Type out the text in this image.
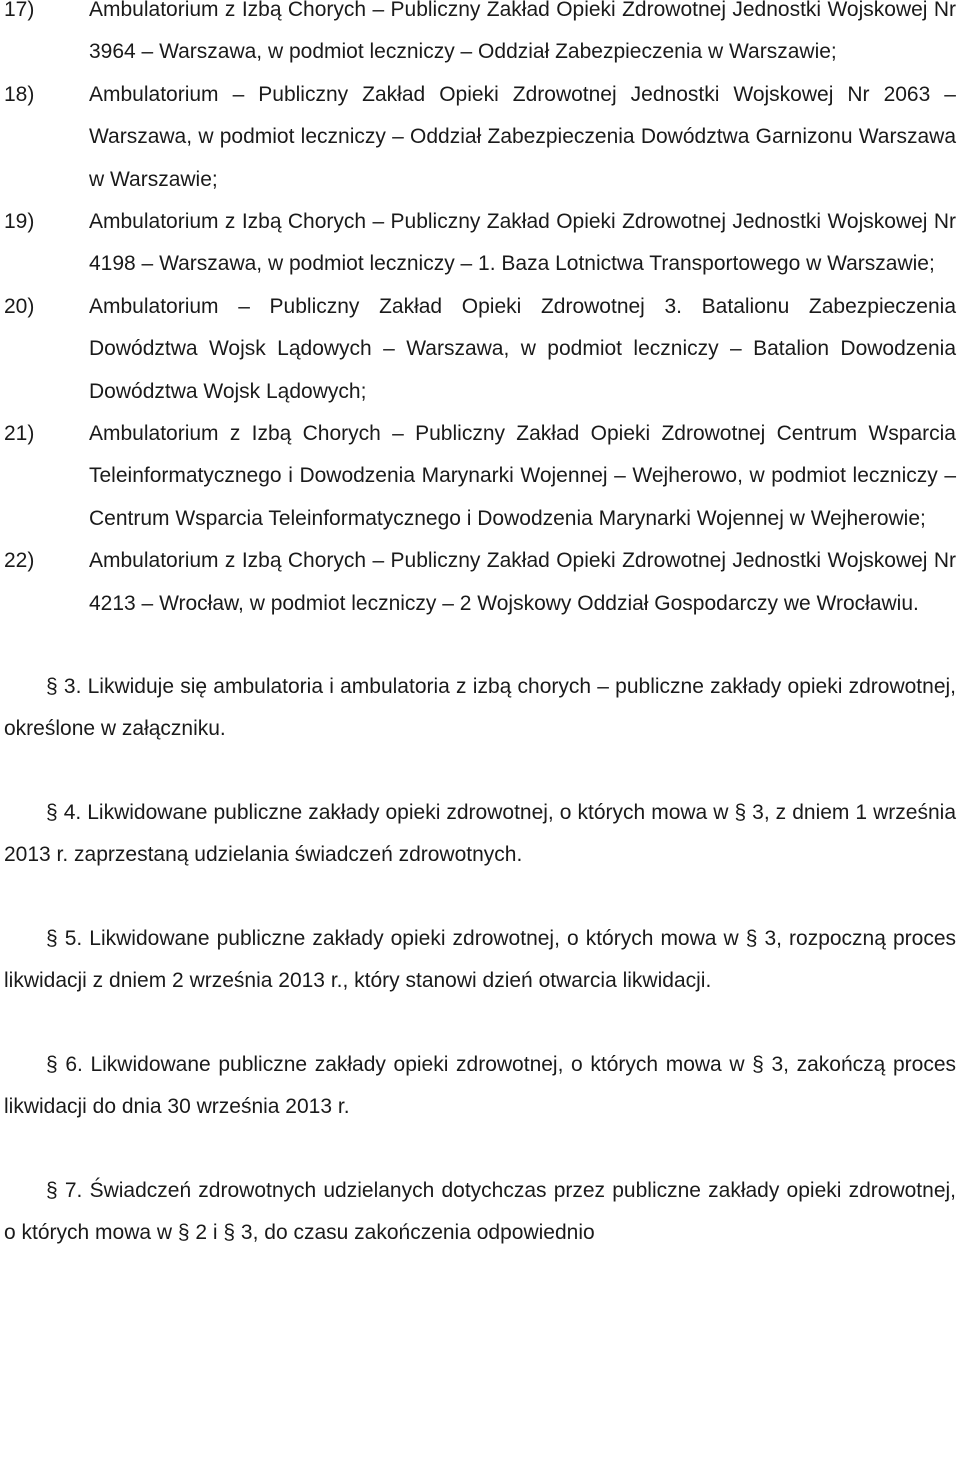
17)	Ambulatorium z Izbą Chorych – Publiczny Zakład Opieki Zdrowotnej Jednostki Wojskowej Nr 3964 – Warszawa, w podmiot leczniczy – Oddział Zabezpieczenia w Warszawie;
18)	Ambulatorium – Publiczny Zakład Opieki Zdrowotnej Jednostki Wojskowej Nr 2063 – Warszawa, w podmiot leczniczy – Oddział Zabezpieczenia Dowództwa Garnizonu Warszawa w Warszawie;
19)	Ambulatorium z Izbą Chorych – Publiczny Zakład Opieki Zdrowotnej Jednostki Wojskowej Nr 4198 – Warszawa, w podmiot leczniczy – 1. Baza Lotnictwa Transportowego w Warszawie;
20)	Ambulatorium – Publiczny Zakład Opieki Zdrowotnej 3. Batalionu Zabezpieczenia Dowództwa Wojsk Lądowych – Warszawa, w podmiot leczniczy – Batalion Dowodzenia Dowództwa Wojsk Lądowych;
21)	Ambulatorium z Izbą Chorych – Publiczny Zakład Opieki Zdrowotnej Centrum Wsparcia Teleinformatycznego i Dowodzenia Marynarki Wojennej – Wejherowo, w podmiot leczniczy – Centrum Wsparcia Teleinformatycznego i Dowodzenia Marynarki Wojennej w Wejherowie;
22)	Ambulatorium z Izbą Chorych – Publiczny Zakład Opieki Zdrowotnej Jednostki Wojskowej Nr 4213 – Wrocław, w podmiot leczniczy – 2 Wojskowy Oddział Gospodarczy we Wrocławiu.

§ 3. Likwiduje się ambulatoria i ambulatoria z izbą chorych – publiczne zakłady opieki zdrowotnej, określone w załączniku.

§ 4. Likwidowane publiczne zakłady opieki zdrowotnej, o których mowa w § 3, z dniem 1 września 2013 r. zaprzestaną udzielania świadczeń zdrowotnych.

§ 5. Likwidowane publiczne zakłady opieki zdrowotnej, o których mowa w § 3, rozpoczną proces likwidacji z dniem 2 września 2013 r., który stanowi dzień otwarcia likwidacji.

§ 6. Likwidowane publiczne zakłady opieki zdrowotnej, o których mowa w § 3, zakończą proces likwidacji do dnia 30 września 2013 r.

§ 7. Świadczeń zdrowotnych udzielanych dotychczas przez publiczne zakłady opieki zdrowotnej, o których mowa w § 2 i § 3, do czasu zakończenia odpowiednio
